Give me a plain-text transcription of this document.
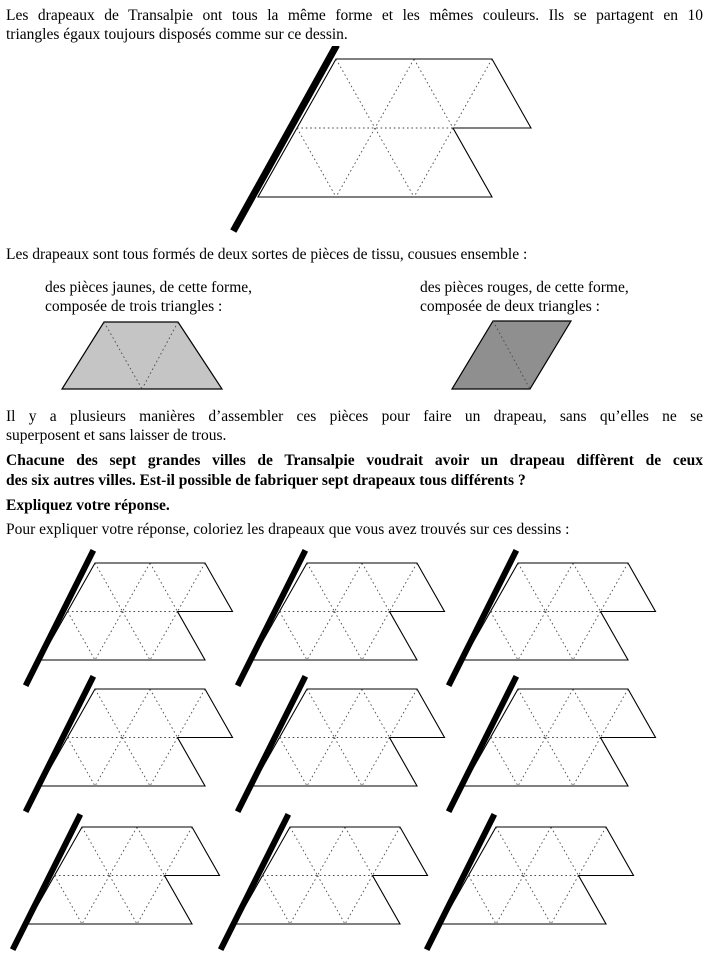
Les drapeaux de Transalpie ont tous la même forme et les mêmes couleurs. Ils se partagent en 10
triangles égaux toujours disposés comme sur ce dessin.
Les drapeaux sont tous formés de deux sortes de pièces de tissu, cousues ensemble :
des pièces jaunes, de cette forme,
composée de trois triangles :
des pièces rouges, de cette forme,
composée de deux triangles :
Il y a plusieurs manières d’assembler ces pièces pour faire un drapeau, sans qu’elles ne se
superposent et sans laisser de trous.
Chacune des sept grandes villes de Transalpie voudrait avoir un drapeau diffèrent de ceux
des six autres villes. Est-il possible de fabriquer sept drapeaux tous différents ?
Expliquez votre réponse.
Pour expliquer votre réponse, coloriez les drapeaux que vous avez trouvés sur ces dessins :
